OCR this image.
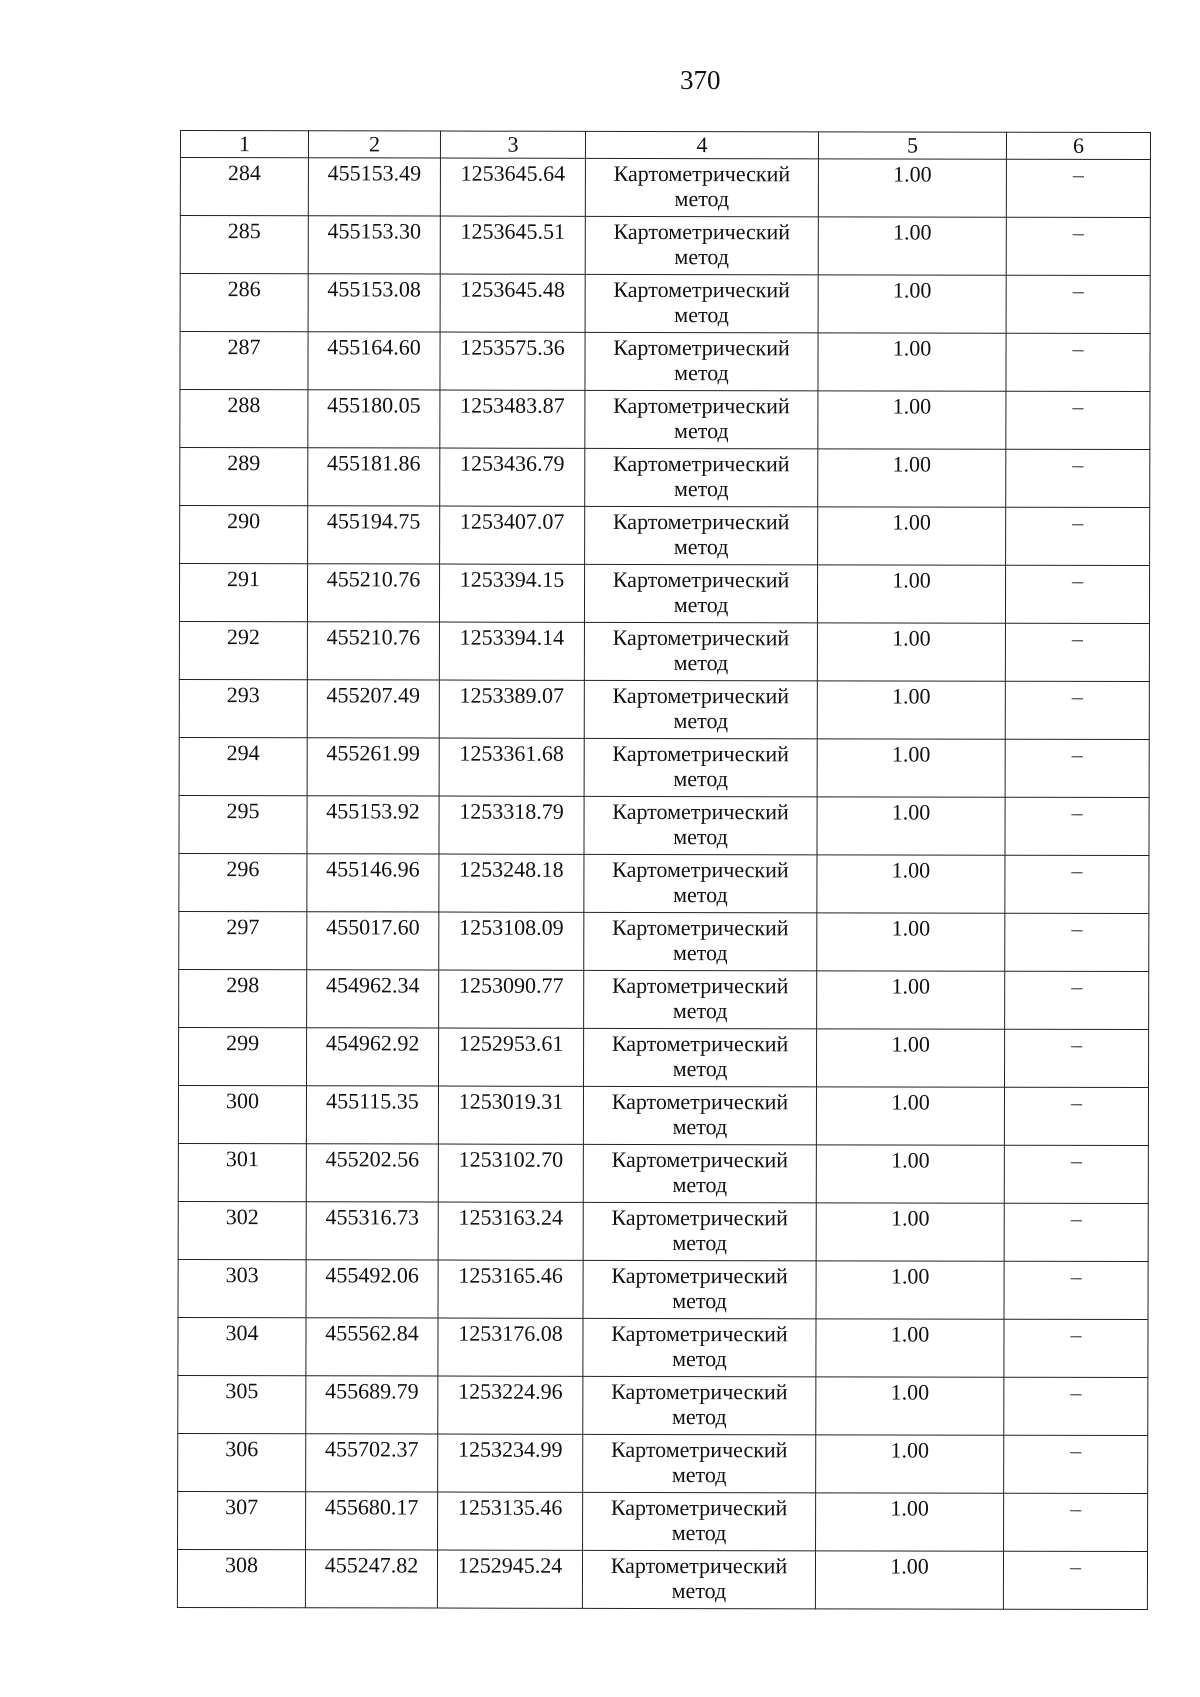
370
1	2	3	4	5	6
284	455153.49	1253645.64	Картометрический
метод	1.00	–
285	455153.30	1253645.51	Картометрический
метод	1.00	–
286	455153.08	1253645.48	Картометрический
метод	1.00	–
287	455164.60	1253575.36	Картометрический
метод	1.00	–
288	455180.05	1253483.87	Картометрический
метод	1.00	–
289	455181.86	1253436.79	Картометрический
метод	1.00	–
290	455194.75	1253407.07	Картометрический
метод	1.00	–
291	455210.76	1253394.15	Картометрический
метод	1.00	–
292	455210.76	1253394.14	Картометрический
метод	1.00	–
293	455207.49	1253389.07	Картометрический
метод	1.00	–
294	455261.99	1253361.68	Картометрический
метод	1.00	–
295	455153.92	1253318.79	Картометрический
метод	1.00	–
296	455146.96	1253248.18	Картометрический
метод	1.00	–
297	455017.60	1253108.09	Картометрический
метод	1.00	–
298	454962.34	1253090.77	Картометрический
метод	1.00	–
299	454962.92	1252953.61	Картометрический
метод	1.00	–
300	455115.35	1253019.31	Картометрический
метод	1.00	–
301	455202.56	1253102.70	Картометрический
метод	1.00	–
302	455316.73	1253163.24	Картометрический
метод	1.00	–
303	455492.06	1253165.46	Картометрический
метод	1.00	–
304	455562.84	1253176.08	Картометрический
метод	1.00	–
305	455689.79	1253224.96	Картометрический
метод	1.00	–
306	455702.37	1253234.99	Картометрический
метод	1.00	–
307	455680.17	1253135.46	Картометрический
метод	1.00	–
308	455247.82	1252945.24	Картометрический
метод	1.00	–
